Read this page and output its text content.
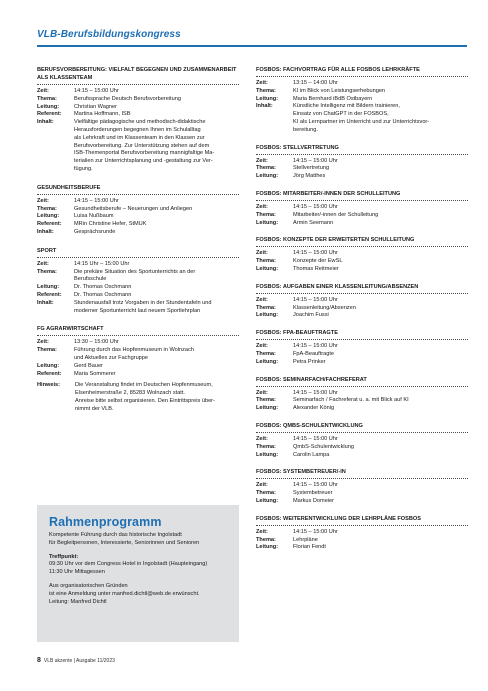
VLB-Berufsbildungskongress
BERUFSVORBEREITUNG: VIELFALT BEGEGNEN UND ZUSAMMENARBEIT
ALS KLASSENTEAM
Zeit:	14:15 – 15:00 Uhr
Thema:	Berufssprache Deutsch Berufsvorbereitung
Leitung:	Christian Wagner
Referent:	Martina Hoffmann, ISB
Inhalt:	Vielfältige pädagogische und methodisch-didaktische
Herausforderungen begegnen Ihnen im Schulalltag
als Lehrkraft und im Klassenteam in den Klassen zur
Berufsvorbereitung. Zur Unterstützung stehen auf dem
ISB-Themenportal Berufsvorbereitung mannigfaltige Ma-
terialien zur Unterrichtsplanung und -gestaltung zur Ver-
fügung.
GESUNDHEITSBERUFE
Zeit:	14:15 – 15:00 Uhr
Thema:	Gesundheitsberufe – Neuerungen und Anliegen
Leitung:	Luisa Nußbaum
Referent:	MRin Christine Hefer, StMUK
Inhalt:	Gesprächsrunde
SPORT
Zeit:	14:15 Uhr – 15:00 Uhr
Thema:	Die prekäre Situation des Sportunterrichts an der
Berufsschule
Leitung:	Dr. Thomas Oschmann
Referent:	Dr. Thomas Oschmann
Inhalt:	Stundenausfall trotz Vorgaben in der Stundentafeln und
moderner Sportunterricht laut neuem Sportlehrplan
FG AGRARWIRTSCHAFT
Zeit:	13:30 – 15:00 Uhr
Thema:	Führung durch das Hopfenmuseum in Wolnzach
und Aktuelles zur Fachgruppe
Leitung:	Gerd Bauer
Referent:	Maria Sommerer
Hinweis:	Die Veranstaltung findet im Deutschen Hopfenmuseum,
Elsenheimerstraße 2, 85283 Wolnzach statt.
Anreise bitte selbst organisieren. Den Eintrittspreis über-
nimmt der VLB.
FOSBOS: FACHVORTRAG FÜR ALLE FOSBOS LEHRKRÄFTE
Zeit:	13:15 – 14:00 Uhr
Thema:	KI im Blick von Leistungserhebungen
Leitung:	Maria Bernhard iBdB Ostbayern
Inhalt:	Künstliche Intelligenz mit Bildern trainieren,
Einsatz von ChatGPT in der FOSBOS,
KI als Lernpartner im Unterricht und zur Unterrichtsvor-
bereitung.
FOSBOS: STELLVERTRETUNG
Zeit:	14:15 – 15:00 Uhr
Thema:	Stellvertretung
Leitung:	Jörg Matthes
FOSBOS: MITARBEITER/-INNEN DER SCHULLEITUNG
Zeit:	14:15 – 15:00 Uhr
Thema:	Mitarbeiter/-innen der Schulleitung
Leitung:	Armin Seemann
FOSBOS: KONZEPTE DER ERWEITERTEN SCHULLEITUNG
Zeit:	14:15 – 15:00 Uhr
Thema:	Konzepte der EwSL
Leitung:	Thomas Reitmeier
FOSBOS: AUFGABEN EINER KLASSENLEITUNG/ABSENZEN
Zeit:	14:15 – 15:00 Uhr
Thema:	Klassenleitung/Absenzen
Leitung:	Joachim Fussi
FOSBOS: FPA-BEAUFTRAGTE
Zeit:	14:15 – 15:00 Uhr
Thema:	FpA-Beauftragte
Leitung:	Petra Prinker
FOSBOS: SEMINARFACH/FACHREFERAT
Zeit:	14:15 – 15:00 Uhr
Thema:	Seminarfach / Fachreferat u. a. mit Blick auf KI
Leitung:	Alexander König
FOSBOS: QMBS-SCHULENTWICKLUNG
Zeit:	14:15 – 15:00 Uhr
Thema:	QmbS-Schulentwicklung
Leitung:	Carolin Lampa
FOSBOS: SYSTEMBETREUER/-IN
Zeit:	14:15 – 15:00 Uhr
Thema:	Systembetreuer
Leitung:	Markus Domeier
FOSBOS: WEITERENTWICKLUNG DER LEHRPLÄNE FOSBOS
Zeit:	14:15 – 15:00 Uhr
Thema:	Lehrpläne
Leitung:	Florian Fendt
Rahmenprogramm

Kompetente Führung durch das historische Ingolstadt

für Begleitpersonen, Interessierte, Seniorinnen und Senioren

Treffpunkt:

09:30 Uhr vor dem Congress Hotel in Ingolstadt (Haupteingang)

11:30 Uhr Mittagessen

Aus organisatorischen Gründen

ist eine Anmeldung unter manfred.dichtl@web.de erwünscht.

Leitung: Manfred Dichtl

8 VLB akzente | Ausgabe 11/2023
